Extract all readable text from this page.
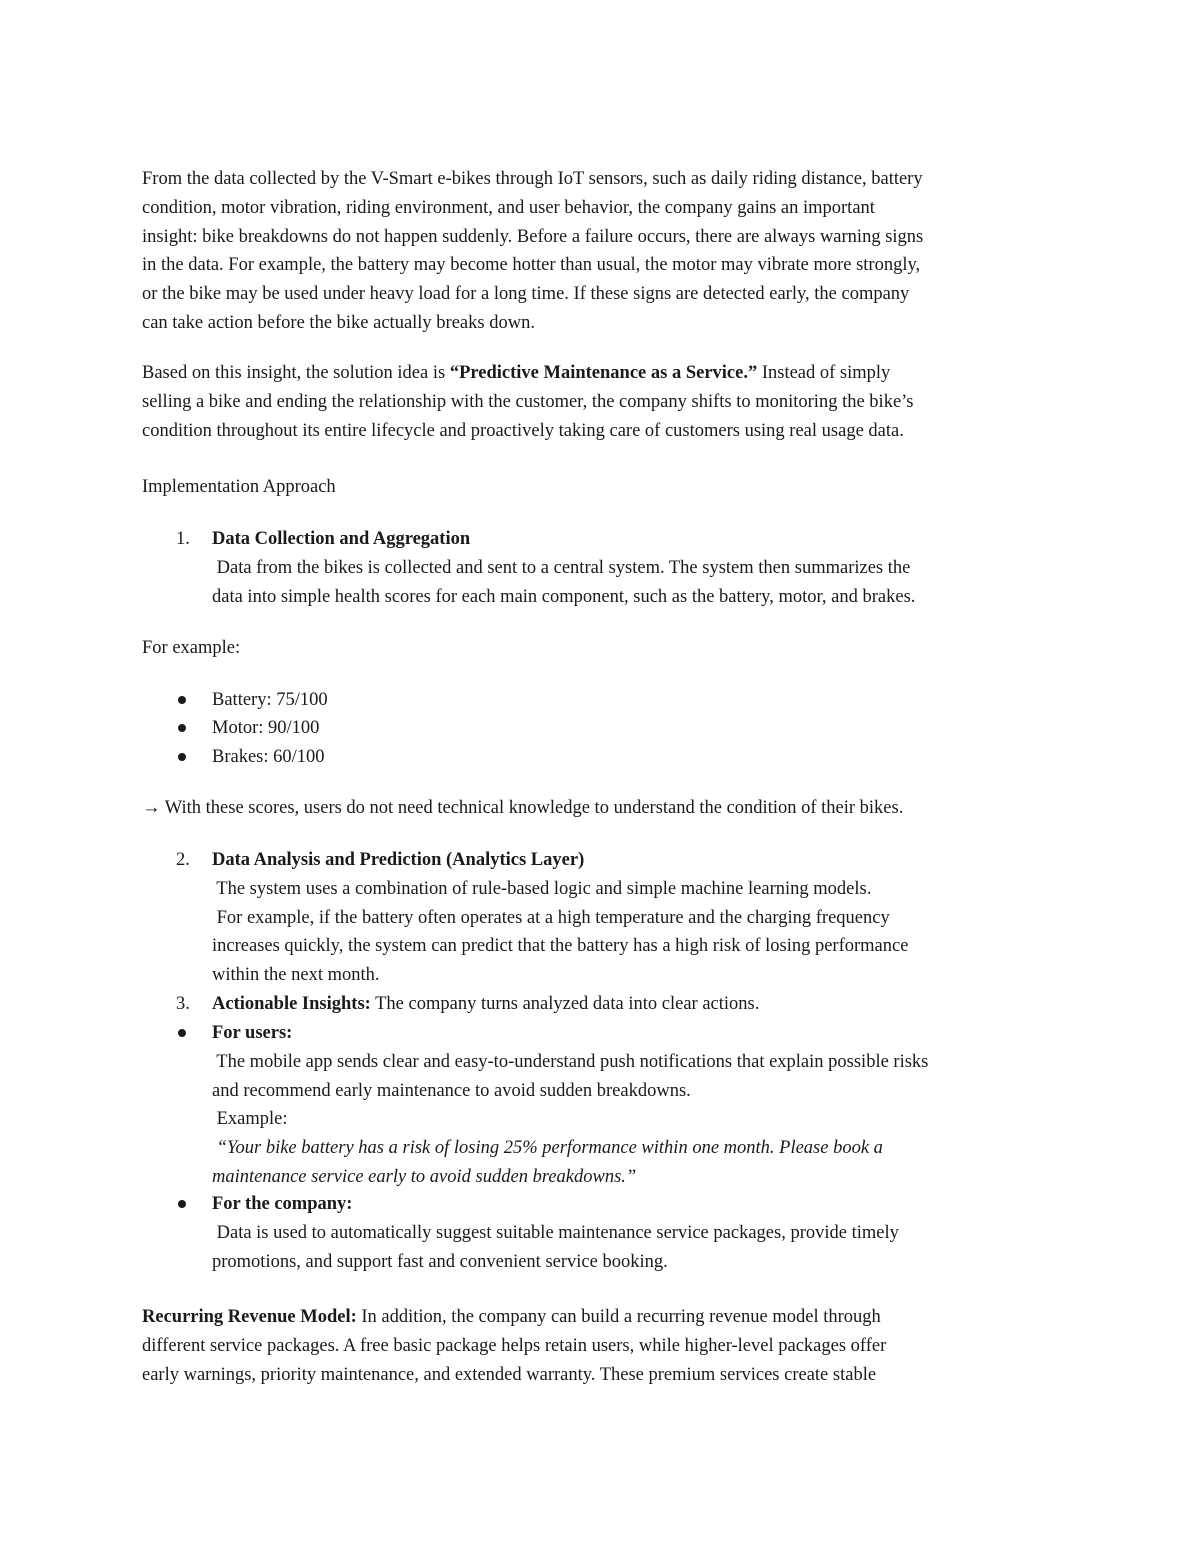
From the data collected by the V-Smart e-bikes through IoT sensors, such as daily riding distance, battery
condition, motor vibration, riding environment, and user behavior, the company gains an important
insight: bike breakdowns do not happen suddenly. Before a failure occurs, there are always warning signs
in the data. For example, the battery may become hotter than usual, the motor may vibrate more strongly,
or the bike may be used under heavy load for a long time. If these signs are detected early, the company
can take action before the bike actually breaks down.

Based on this insight, the solution idea is “Predictive Maintenance as a Service.” Instead of simply
selling a bike and ending the relationship with the customer, the company shifts to monitoring the bike’s
condition throughout its entire lifecycle and proactively taking care of customers using real usage data.

Implementation Approach

1. Data Collection and Aggregation
Data from the bikes is collected and sent to a central system. The system then summarizes the
data into simple health scores for each main component, such as the battery, motor, and brakes.

For example:

Battery: 75/100

Motor: 90/100

Brakes: 60/100

→ With these scores, users do not need technical knowledge to understand the condition of their bikes.

2. Data Analysis and Prediction (Analytics Layer)
The system uses a combination of rule-based logic and simple machine learning models.
For example, if the battery often operates at a high temperature and the charging frequency
increases quickly, the system can predict that the battery has a high risk of losing performance
within the next month.

3. Actionable Insights: The company turns analyzed data into clear actions.

For users:
The mobile app sends clear and easy-to-understand push notifications that explain possible risks
and recommend early maintenance to avoid sudden breakdowns.
Example:
“Your bike battery has a risk of losing 25% performance within one month. Please book a
maintenance service early to avoid sudden breakdowns.”

For the company:
Data is used to automatically suggest suitable maintenance service packages, provide timely
promotions, and support fast and convenient service booking.

Recurring Revenue Model: In addition, the company can build a recurring revenue model through
different service packages. A free basic package helps retain users, while higher-level packages offer
early warnings, priority maintenance, and extended warranty. These premium services create stable
